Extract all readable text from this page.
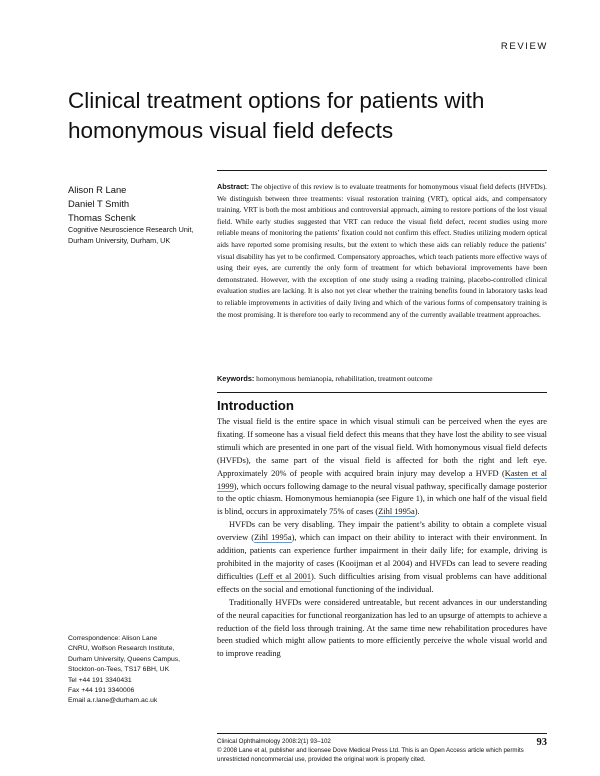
REVIEW
Clinical treatment options for patients with homonymous visual field defects
Alison R Lane
Daniel T Smith
Thomas Schenk
Cognitive Neuroscience Research Unit, Durham University, Durham, UK

Abstract: The objective of this review is to evaluate treatments for homonymous visual field defects (HVFDs). We distinguish between three treatments: visual restoration training (VRT), optical aids, and compensatory training. VRT is both the most ambitious and controversial approach, aiming to restore portions of the lost visual field. While early studies suggested that VRT can reduce the visual field defect, recent studies using more reliable means of monitoring the patients’ fixation could not confirm this effect. Studies utilizing modern optical aids have reported some promising results, but the extent to which these aids can reliably reduce the patients’ visual disability has yet to be confirmed. Compensatory approaches, which teach patients more effective ways of using their eyes, are currently the only form of treatment for which behavioral improvements have been demonstrated. However, with the exception of one study using a reading training, placebo-controlled clinical evaluation studies are lacking. It is also not yet clear whether the training benefits found in laboratory tasks lead to reliable improvements in activities of daily living and which of the various forms of compensatory training is the most promising. It is therefore too early to recommend any of the currently available treatment approaches.

Keywords: homonymous hemianopia, rehabilitation, treatment outcome

Introduction

The visual field is the entire space in which visual stimuli can be perceived when the eyes are fixating. If someone has a visual field defect this means that they have lost the ability to see visual stimuli which are presented in one part of the visual field. With homonymous visual field defects (HVFDs), the same part of the visual field is affected for both the right and left eye. Approximately 20% of people with acquired brain injury may develop a HVFD (Kasten et al 1999), which occurs following damage to the neural visual pathway, specifically damage posterior to the optic chiasm. Homonymous hemianopia (see Figure 1), in which one half of the visual field is blind, occurs in approximately 75% of cases (Zihl 1995a).

HVFDs can be very disabling. They impair the patient’s ability to obtain a complete visual overview (Zihl 1995a), which can impact on their ability to interact with their environment. In addition, patients can experience further impairment in their daily life; for example, driving is prohibited in the majority of cases (Kooijman et al 2004) and HVFDs can lead to severe reading difficulties (Leff et al 2001). Such difficulties arising from visual problems can have additional effects on the social and emotional functioning of the individual.

Traditionally HVFDs were considered untreatable, but recent advances in our understanding of the neural capacities for functional reorganization has led to an upsurge of attempts to achieve a reduction of the field loss through training. At the same time new rehabilitation procedures have been studied which might allow patients to more efficiently perceive the whole visual world and to improve reading

Correspondence: Alison Lane
CNRU, Wolfson Research Institute,
Durham University, Queens Campus,
Stockton-on-Tees, TS17 6BH, UK
Tel +44 191 3340431
Fax +44 191 3340006
Email a.r.lane@durham.ac.uk
Clinical Ophthalmology 2008:2(1) 93–102
© 2008 Lane et al, publisher and licensee Dove Medical Press Ltd. This is an Open Access article which permits unrestricted noncommercial use, provided the original work is properly cited.
93
